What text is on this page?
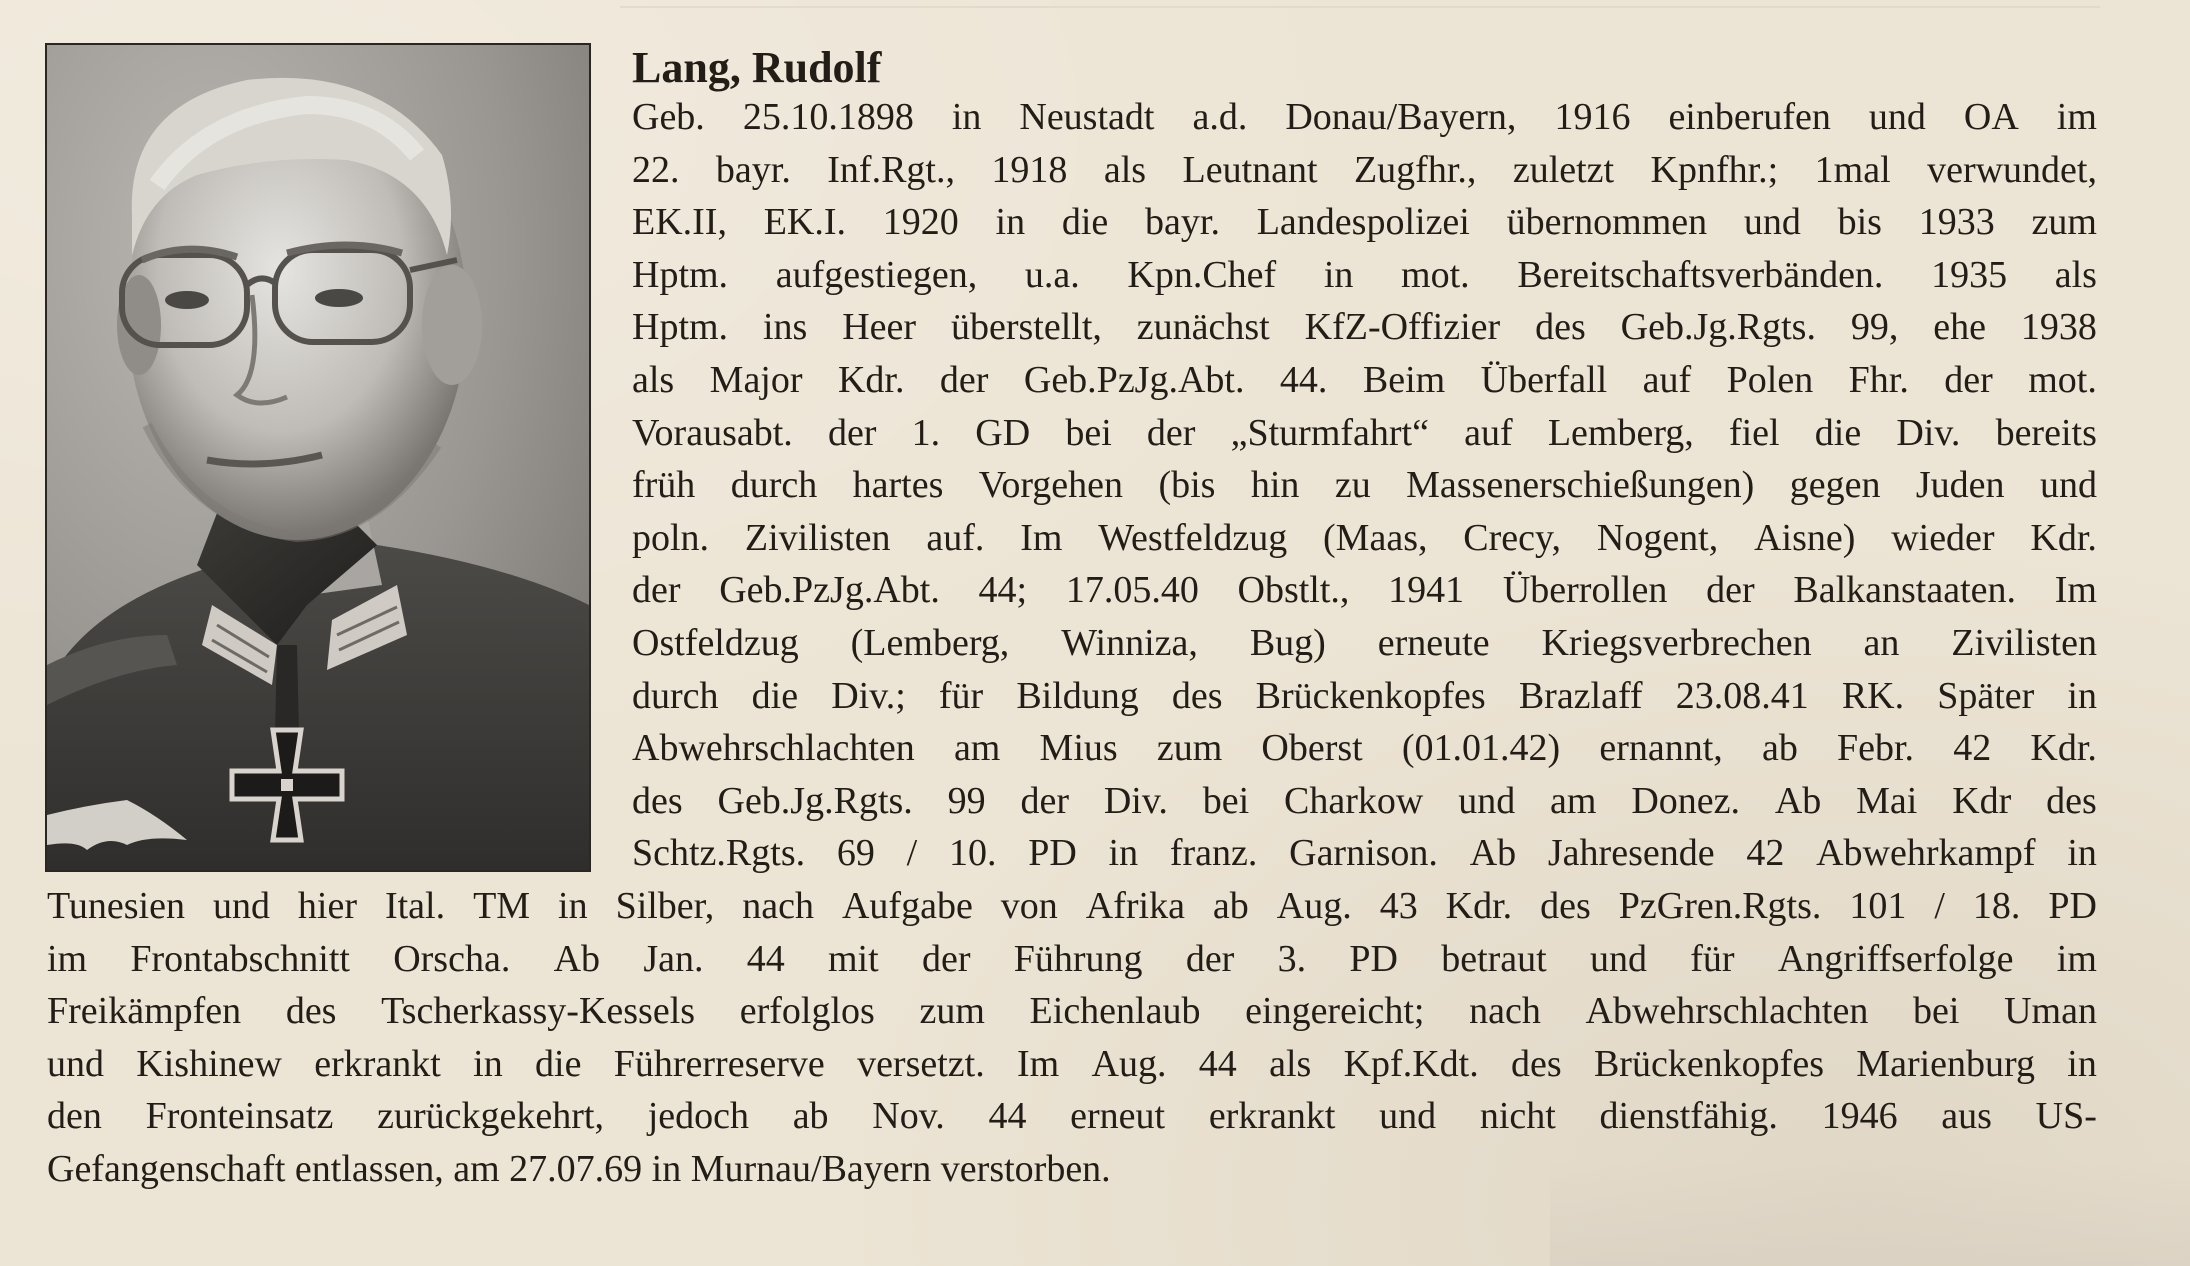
Lang, Rudolf
Geb. 25.10.1898 in Neustadt a.d. Donau/Bayern, 1916 einberufen und OA im
22. bayr. Inf.Rgt., 1918 als Leutnant Zugfhr., zuletzt Kpnfhr.; 1mal verwundet,
EK.II, EK.I. 1920 in die bayr. Landespolizei übernommen und bis 1933 zum
Hptm. aufgestiegen, u.a. Kpn.Chef in mot. Bereitschaftsverbänden. 1935 als
Hptm. ins Heer überstellt, zunächst KfZ-Offizier des Geb.Jg.Rgts. 99, ehe 1938
als Major Kdr. der Geb.PzJg.Abt. 44. Beim Überfall auf Polen Fhr. der mot.
Vorausabt. der 1. GD bei der „Sturmfahrt“ auf Lemberg, fiel die Div. bereits
früh durch hartes Vorgehen (bis hin zu Massenerschießungen) gegen Juden und
poln. Zivilisten auf. Im Westfeldzug (Maas, Crecy, Nogent, Aisne) wieder Kdr.
der Geb.PzJg.Abt. 44; 17.05.40 Obstlt., 1941 Überrollen der Balkanstaaten. Im
Ostfeldzug (Lemberg, Winniza, Bug) erneute Kriegsverbrechen an Zivilisten
durch die Div.; für Bildung des Brückenkopfes Brazlaff 23.08.41 RK. Später in
Abwehrschlachten am Mius zum Oberst (01.01.42) ernannt, ab Febr. 42 Kdr.
des Geb.Jg.Rgts. 99 der Div. bei Charkow und am Donez. Ab Mai Kdr des
Schtz.Rgts. 69 / 10. PD in franz. Garnison. Ab Jahresende 42 Abwehrkampf in
Tunesien und hier Ital. TM in Silber, nach Aufgabe von Afrika ab Aug. 43 Kdr. des PzGren.Rgts. 101 / 18. PD
im Frontabschnitt Orscha. Ab Jan. 44 mit der Führung der 3. PD betraut und für Angriffserfolge im
Freikämpfen des Tscherkassy-Kessels erfolglos zum Eichenlaub eingereicht; nach Abwehrschlachten bei Uman
und Kishinew erkrankt in die Führerreserve versetzt. Im Aug. 44 als Kpf.Kdt. des Brückenkopfes Marienburg in
den Fronteinsatz zurückgekehrt, jedoch ab Nov. 44 erneut erkrankt und nicht dienstfähig. 1946 aus US-
Gefangenschaft entlassen, am 27.07.69 in Murnau/Bayern verstorben.
